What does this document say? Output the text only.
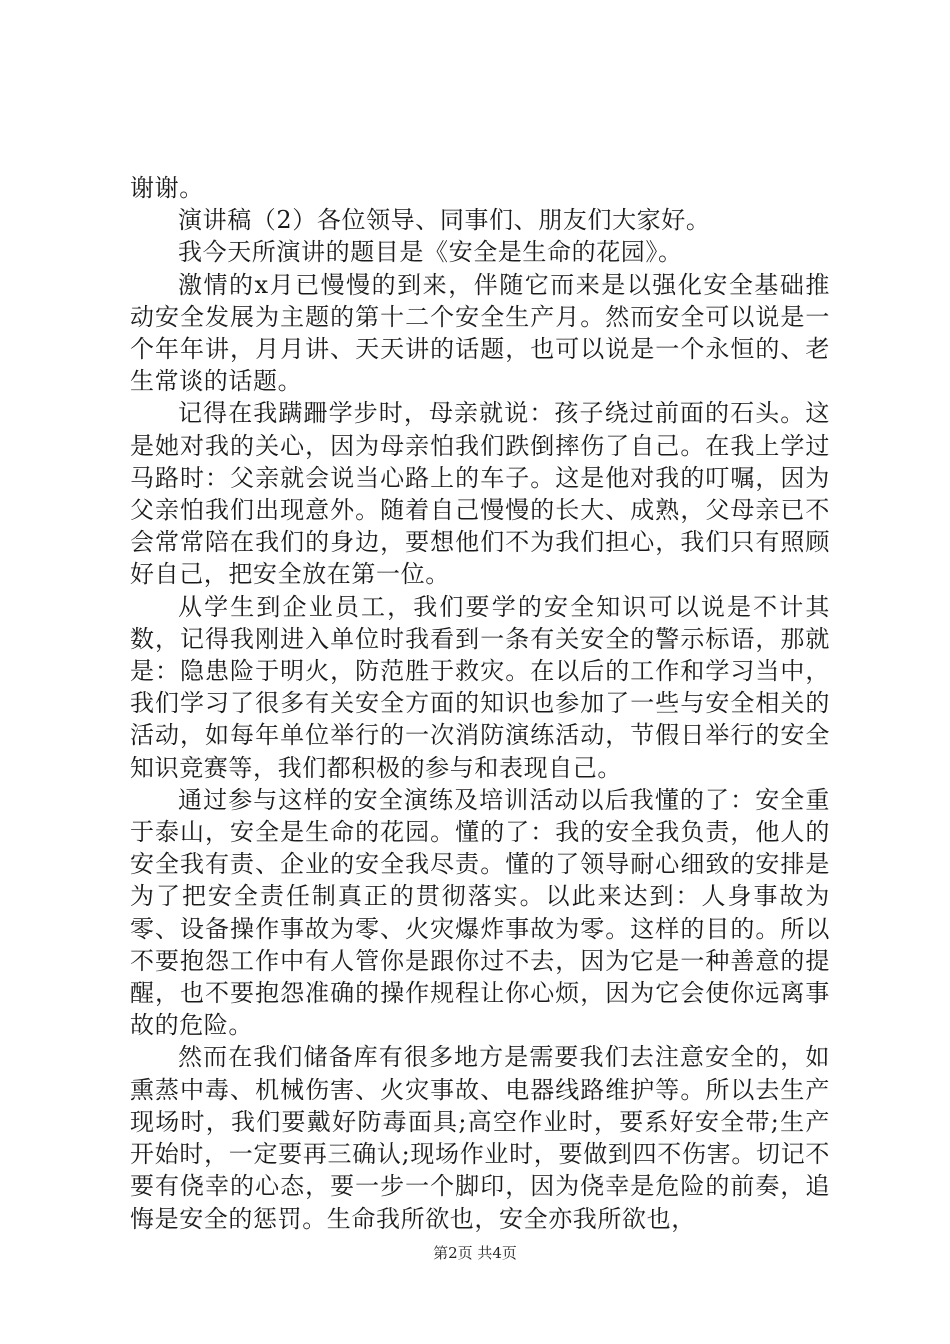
谢谢。

演讲稿（2）各位领导、同事们、朋友们大家好。

我今天所演讲的题目是《安全是生命的花园》。

激情的x月已慢慢的到来，伴随它而来是以强化安全基础推动安全发展为主题的第十二个安全生产月。然而安全可以说是一个年年讲，月月讲、天天讲的话题，也可以说是一个永恒的、老生常谈的话题。

记得在我蹒跚学步时，母亲就说：孩子绕过前面的石头。这是她对我的关心，因为母亲怕我们跌倒摔伤了自己。在我上学过马路时：父亲就会说当心路上的车子。这是他对我的叮嘱，因为父亲怕我们出现意外。随着自己慢慢的长大、成熟，父母亲已不会常常陪在我们的身边，要想他们不为我们担心，我们只有照顾好自己，把安全放在第一位。

从学生到企业员工，我们要学的安全知识可以说是不计其数，记得我刚进入单位时我看到一条有关安全的警示标语，那就是：隐患险于明火，防范胜于救灾。在以后的工作和学习当中，我们学习了很多有关安全方面的知识也参加了一些与安全相关的活动，如每年单位举行的一次消防演练活动，节假日举行的安全知识竞赛等，我们都积极的参与和表现自己。

通过参与这样的安全演练及培训活动以后我懂的了：安全重于泰山，安全是生命的花园。懂的了：我的安全我负责，他人的安全我有责、企业的安全我尽责。懂的了领导耐心细致的安排是为了把安全责任制真正的贯彻落实。以此来达到：人身事故为零、设备操作事故为零、火灾爆炸事故为零。这样的目的。所以不要抱怨工作中有人管你是跟你过不去，因为它是一种善意的提醒，也不要抱怨准确的操作规程让你心烦，因为它会使你远离事故的危险。

然而在我们储备库有很多地方是需要我们去注意安全的，如熏蒸中毒、机械伤害、火灾事故、电器线路维护等。所以去生产现场时，我们要戴好防毒面具;高空作业时，要系好安全带;生产开始时，一定要再三确认;现场作业时，要做到四不伤害。切记不要有侥幸的心态，要一步一个脚印，因为侥幸是危险的前奏，追悔是安全的惩罚。生命我所欲也，安全亦我所欲也，

第2页 共4页
